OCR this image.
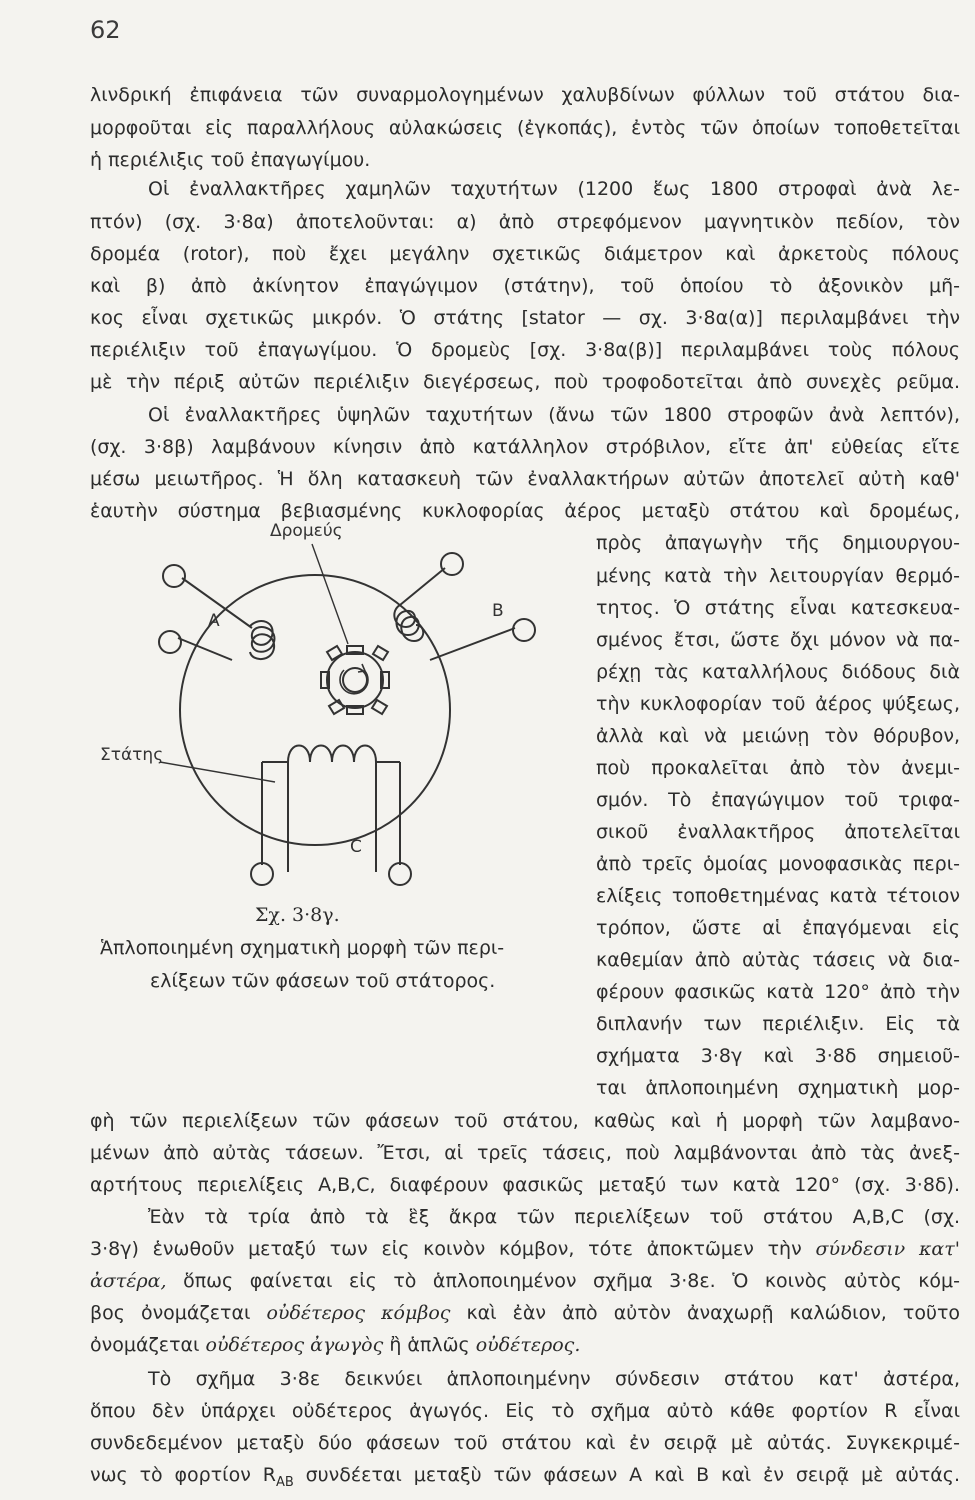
62
λινδρική ἐπιφάνεια τῶν συναρμολογημένων χαλυβδίνων φύλλων τοῦ στάτου δια-
μορφοῦται εἰς παραλλήλους αὐλακώσεις (ἐγκοπάς), ἐντὸς τῶν ὁποίων τοποθετεῖται
ἡ περιέλιξις τοῦ ἐπαγωγίμου.
Οἱ ἐναλλακτῆρες χαμηλῶν ταχυτήτων (1200 ἕως 1800 στροφαὶ ἀνὰ λε-
πτόν) (σχ. 3·8α) ἀποτελοῦνται: α) ἀπὸ στρεφόμενον μαγνητικὸν πεδίον, τὸν
δρομέα (rotor), ποὺ ἔχει μεγάλην σχετικῶς διάμετρον καὶ ἀρκετοὺς πόλους
καὶ β) ἀπὸ ἀκίνητον ἐπαγώγιμον (στάτην), τοῦ ὁποίου τὸ ἀξονικὸν μῆ-
κος εἶναι σχετικῶς μικρόν. Ὁ στάτης [stator — σχ. 3·8α(α)] περιλαμβάνει τὴν
περιέλιξιν τοῦ ἐπαγωγίμου. Ὁ δρομεὺς [σχ. 3·8α(β)] περιλαμβάνει τοὺς πόλους
μὲ τὴν πέριξ αὐτῶν περιέλιξιν διεγέρσεως, ποὺ τροφοδοτεῖται ἀπὸ συνεχὲς ρεῦμα.
Οἱ ἐναλλακτῆρες ὑψηλῶν ταχυτήτων (ἄνω τῶν 1800 στροφῶν ἀνὰ λεπτόν),
(σχ. 3·8β) λαμβάνουν κίνησιν ἀπὸ κατάλληλον στρόβιλον, εἴτε ἀπ' εὐθείας εἴτε
μέσω μειωτῆρος. Ἡ ὅλη κατασκευὴ τῶν ἐναλλακτήρων αὐτῶν ἀποτελεῖ αὐτὴ καθ'
ἑαυτὴν σύστημα βεβιασμένης κυκλοφορίας ἀέρος μεταξὺ στάτου καὶ δρομέως,
πρὸς ἀπαγωγὴν τῆς δημιουργου-
μένης κατὰ τὴν λειτουργίαν θερμό-
τητος. Ὁ στάτης εἶναι κατεσκευα-
σμένος ἔτσι, ὥστε ὄχι μόνον νὰ πα-
ρέχῃ τὰς καταλλήλους διόδους διὰ
τὴν κυκλοφορίαν τοῦ ἀέρος ψύξεως,
ἀλλὰ καὶ νὰ μειώνῃ τὸν θόρυβον,
ποὺ προκαλεῖται ἀπὸ τὸν ἀνεμι-
σμόν. Τὸ ἐπαγώγιμον τοῦ τριφα-
σικοῦ ἐναλλακτῆρος ἀποτελεῖται
ἀπὸ τρεῖς ὁμοίας μονοφασικὰς περι-
ελίξεις τοποθετημένας κατὰ τέτοιον
τρόπον, ὥστε αἱ ἐπαγόμεναι εἰς
καθεμίαν ἀπὸ αὐτὰς τάσεις νὰ δια-
φέρουν φασικῶς κατὰ 120° ἀπὸ τὴν
διπλανήν των περιέλιξιν. Εἰς τὰ
σχήματα 3·8γ καὶ 3·8δ σημειοῦ-
ται ἁπλοποιημένη σχηματικὴ μορ-
Δρομεύς
Στάτης
A	B
C
Σχ. 3·8γ.
Ἁπλοποιημένη σχηματικὴ μορφὴ τῶν περι-
ελίξεων τῶν φάσεων τοῦ στάτορος.
φὴ τῶν περιελίξεων τῶν φάσεων τοῦ στάτου, καθὼς καὶ ἡ μορφὴ τῶν λαμβανο-
μένων ἀπὸ αὐτὰς τάσεων. Ἔτσι, αἱ τρεῖς τάσεις, ποὺ λαμβάνονται ἀπὸ τὰς ἀνεξ-
αρτήτους περιελίξεις A,B,C, διαφέρουν φασικῶς μεταξύ των κατὰ 120° (σχ. 3·8δ).
Ἐὰν τὰ τρία ἀπὸ τὰ ἓξ ἄκρα τῶν περιελίξεων τοῦ στάτου A,B,C (σχ.
3·8γ) ἑνωθοῦν μεταξύ των εἰς κοινὸν κόμβον, τότε ἀποκτῶμεν τὴν σύνδεσιν κατ'
ἀστέρα, ὅπως φαίνεται εἰς τὸ ἁπλοποιημένον σχῆμα 3·8ε. Ὁ κοινὸς αὐτὸς κόμ-
βος ὀνομάζεται οὐδέτερος κόμβος καὶ ἐὰν ἀπὸ αὐτὸν ἀναχωρῇ καλώδιον, τοῦτο
ὀνομάζεται οὐδέτερος ἀγωγὸς ἢ ἁπλῶς οὐδέτερος.
Τὸ σχῆμα 3·8ε δεικνύει ἁπλοποιημένην σύνδεσιν στάτου κατ' ἀστέρα,
ὅπου δὲν ὑπάρχει οὐδέτερος ἀγωγός. Εἰς τὸ σχῆμα αὐτὸ κάθε φορτίον R εἶναι
συνδεδεμένον μεταξὺ δύο φάσεων τοῦ στάτου καὶ ἐν σειρᾷ μὲ αὐτάς. Συγκεκριμέ-
νως τὸ φορτίον $R_{AB}$ συνδέεται μεταξὺ τῶν φάσεων A καὶ B καὶ ἐν σειρᾷ μὲ αὐτάς.
